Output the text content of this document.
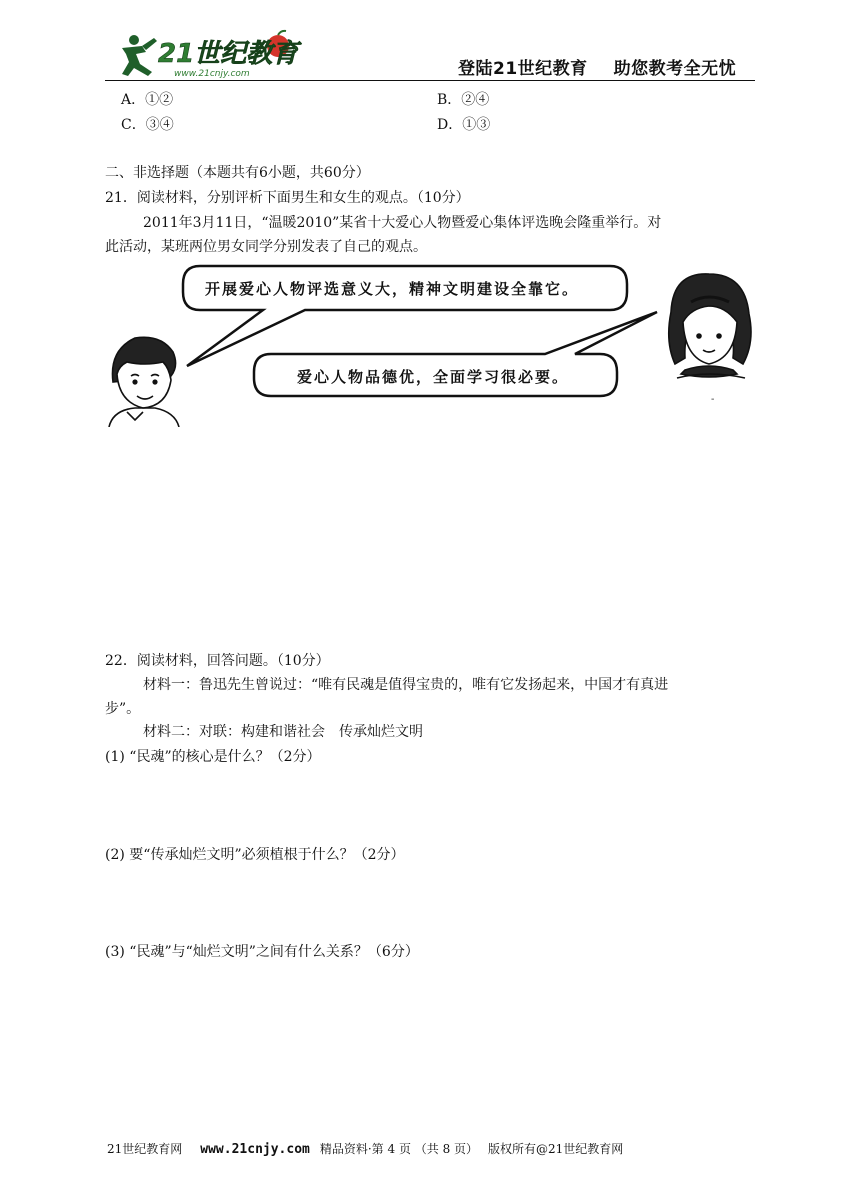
21世纪教育
www.21cnjy.com	登陆21世纪教育 助您教考全无忧
A．①②	B．②④
C．③④	D．①③
二、非选择题（本题共有6小题，共60分）
21．阅读材料，分别评析下面男生和女生的观点。（10分）
2011年3月11日，“温暖2010”某省十大爱心人物暨爱心集体评选晚会隆重举行。对
此活动，某班两位男女同学分别发表了自己的观点。
开展爱心人物评选意义大，精神文明建设全靠它。
爱心人物品德优，全面学习很必要。
-
22．阅读材料，回答问题。（10分）
材料一：鲁迅先生曾说过：“唯有民魂是值得宝贵的，唯有它发扬起来，中国才有真进
步”。
材料二：对联：构建和谐社会　传承灿烂文明
(1) “民魂”的核心是什么？（2分）
(2) 要“传承灿烂文明”必须植根于什么？（2分）
(3) “民魂”与“灿烂文明”之间有什么关系？（6分）
21世纪教育网 www.21cnjy.com 精品资料·第 4 页 （共 8 页） 版权所有@21世纪教育网
